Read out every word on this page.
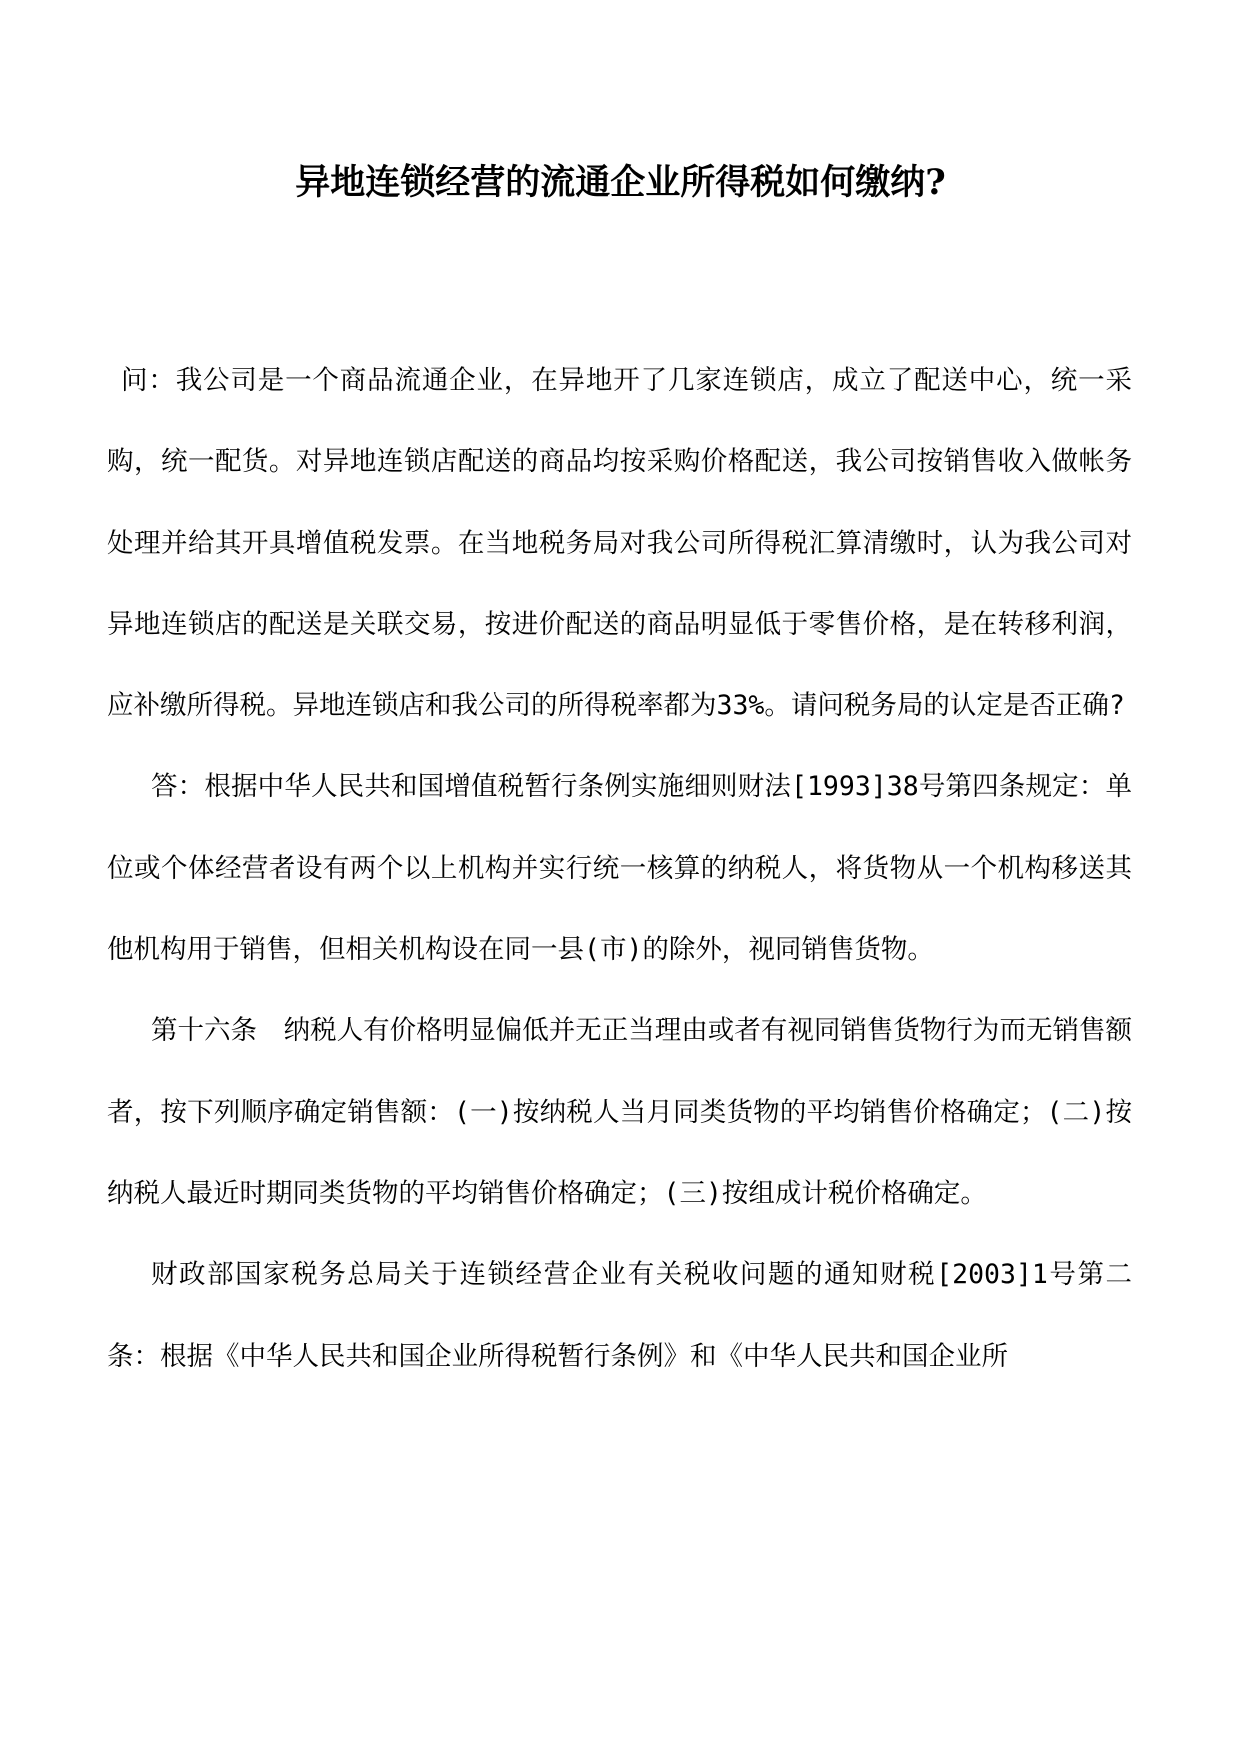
异地连锁经营的流通企业所得税如何缴纳?

问：我公司是一个商品流通企业，在异地开了几家连锁店，成立了配送中心，统一采购，统一配货。对异地连锁店配送的商品均按采购价格配送，我公司按销售收入做帐务处理并给其开具增值税发票。在当地税务局对我公司所得税汇算清缴时，认为我公司对异地连锁店的配送是关联交易，按进价配送的商品明显低于零售价格，是在转移利润，应补缴所得税。异地连锁店和我公司的所得税率都为33%。请问税务局的认定是否正确?

答：根据中华人民共和国增值税暂行条例实施细则财法[1993]38号第四条规定：单位或个体经营者设有两个以上机构并实行统一核算的纳税人，将货物从一个机构移送其他机构用于销售，但相关机构设在同一县(市)的除外，视同销售货物。

第十六条　纳税人有价格明显偏低并无正当理由或者有视同销售货物行为而无销售额者，按下列顺序确定销售额：(一)按纳税人当月同类货物的平均销售价格确定；(二)按纳税人最近时期同类货物的平均销售价格确定；(三)按组成计税价格确定。

财政部国家税务总局关于连锁经营企业有关税收问题的通知财税[2003]1号第二条：根据《中华人民共和国企业所得税暂行条例》和《中华人民共和国企业所
